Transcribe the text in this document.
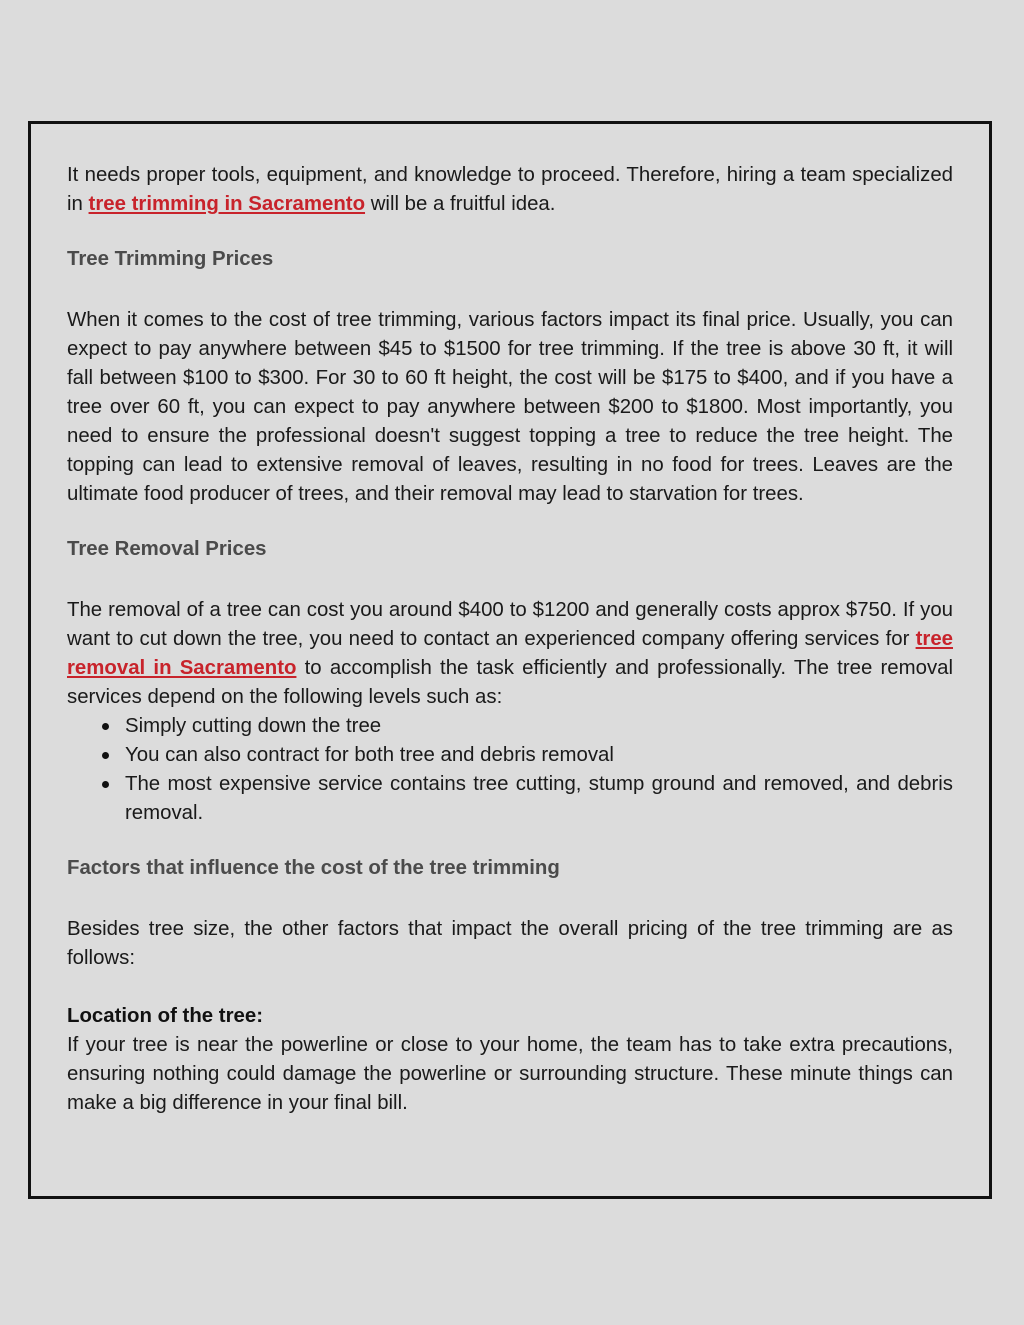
It needs proper tools, equipment, and knowledge to proceed. Therefore, hiring a team specialized in tree trimming in Sacramento will be a fruitful idea.

Tree Trimming Prices

When it comes to the cost of tree trimming, various factors impact its final price. Usually, you can expect to pay anywhere between $45 to $1500 for tree trimming. If the tree is above 30 ft, it will fall between $100 to $300. For 30 to 60 ft height, the cost will be $175 to $400, and if you have a tree over 60 ft, you can expect to pay anywhere between $200 to $1800. Most importantly, you need to ensure the professional doesn't suggest topping a tree to reduce the tree height. The topping can lead to extensive removal of leaves, resulting in no food for trees. Leaves are the ultimate food producer of trees, and their removal may lead to starvation for trees.

Tree Removal Prices

The removal of a tree can cost you around $400 to $1200 and generally costs approx $750. If you want to cut down the tree, you need to contact an experienced company offering services for tree removal in Sacramento to accomplish the task efficiently and professionally. The tree removal services depend on the following levels such as:

Simply cutting down the tree
You can also contract for both tree and debris removal
The most expensive service contains tree cutting, stump ground and removed, and debris removal.
Factors that influence the cost of the tree trimming

Besides tree size, the other factors that impact the overall pricing of the tree trimming are as follows:

Location of the tree:

If your tree is near the powerline or close to your home, the team has to take extra precautions, ensuring nothing could damage the powerline or surrounding structure. These minute things can make a big difference in your final bill.
